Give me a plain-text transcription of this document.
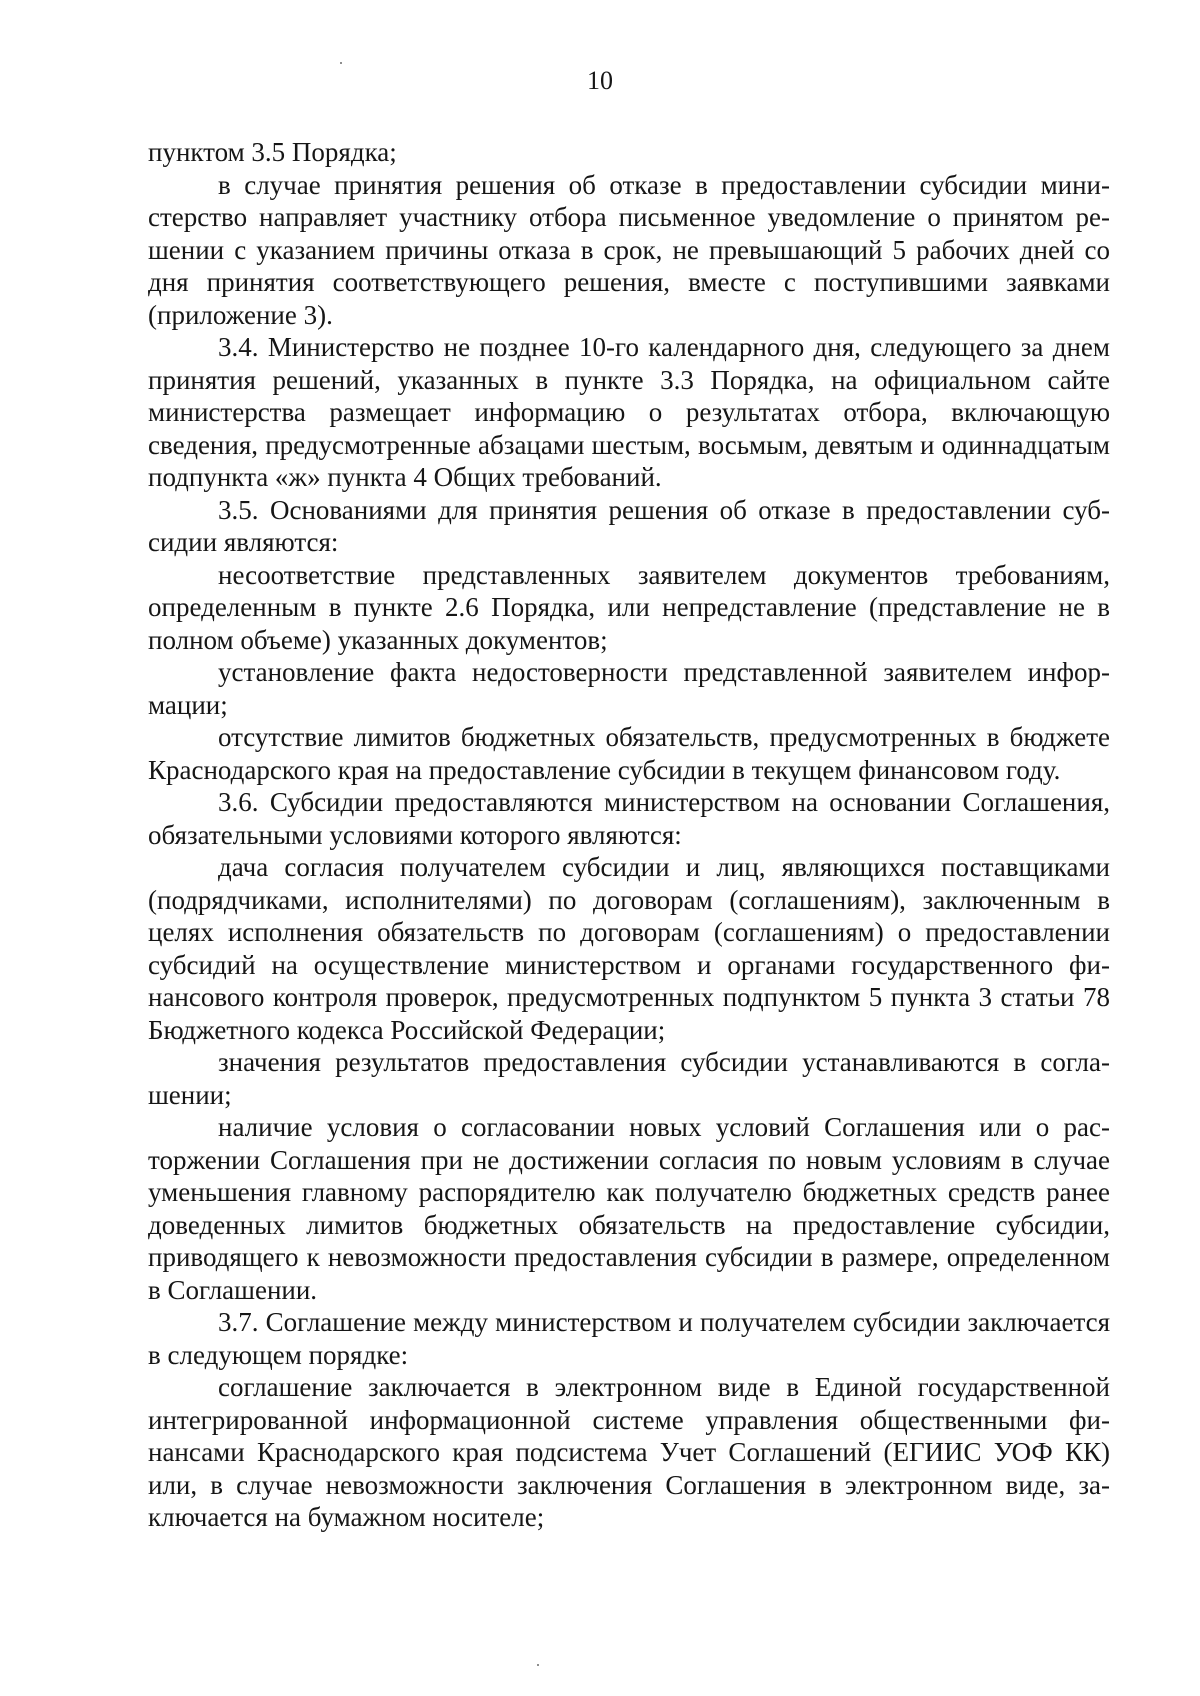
10

пунктом 3.5 Порядка;

в случае принятия решения об отказе в предоставлении субсидии министерство направляет участнику отбора письменное уведомление о принятом решении с указанием причины отказа в срок, не превышающий 5 рабочих дней со дня принятия соответствующего решения, вместе с поступившими заявками (приложение 3).

3.4. Министерство не позднее 10-го календарного дня, следующего за днем принятия решений, указанных в пункте 3.3 Порядка, на официальном сайте министерства размещает информацию о результатах отбора, включающую сведения, предусмотренные абзацами шестым, восьмым, девятым и одиннадцатым подпункта «ж» пункта 4 Общих требований.

3.5. Основаниями для принятия решения об отказе в предоставлении субсидии являются:

несоответствие представленных заявителем документов требованиям, определенным в пункте 2.6 Порядка, или непредставление (представление не в полном объеме) указанных документов;

установление факта недостоверности представленной заявителем информации;

отсутствие лимитов бюджетных обязательств, предусмотренных в бюджете Краснодарского края на предоставление субсидии в текущем финансовом году.

3.6. Субсидии предоставляются министерством на основании Соглашения, обязательными условиями которого являются:

дача согласия получателем субсидии и лиц, являющихся поставщиками (подрядчиками, исполнителями) по договорам (соглашениям), заключенным в целях исполнения обязательств по договорам (соглашениям) о предоставлении субсидий на осуществление министерством и органами государственного финансового контроля проверок, предусмотренных подпунктом 5 пункта 3 статьи 78 Бюджетного кодекса Российской Федерации;

значения результатов предоставления субсидии устанавливаются в соглашении;

наличие условия о согласовании новых условий Соглашения или о расторжении Соглашения при не достижении согласия по новым условиям в случае уменьшения главному распорядителю как получателю бюджетных средств ранее доведенных лимитов бюджетных обязательств на предоставление субсидии, приводящего к невозможности предоставления субсидии в размере, определенном в Соглашении.

3.7. Соглашение между министерством и получателем субсидии заключается в следующем порядке:

соглашение заключается в электронном виде в Единой государственной интегрированной информационной системе управления общественными финансами Краснодарского края подсистема Учет Соглашений (ЕГИИС УОФ КК) или, в случае невозможности заключения Соглашения в электронном виде, заключается на бумажном носителе;
